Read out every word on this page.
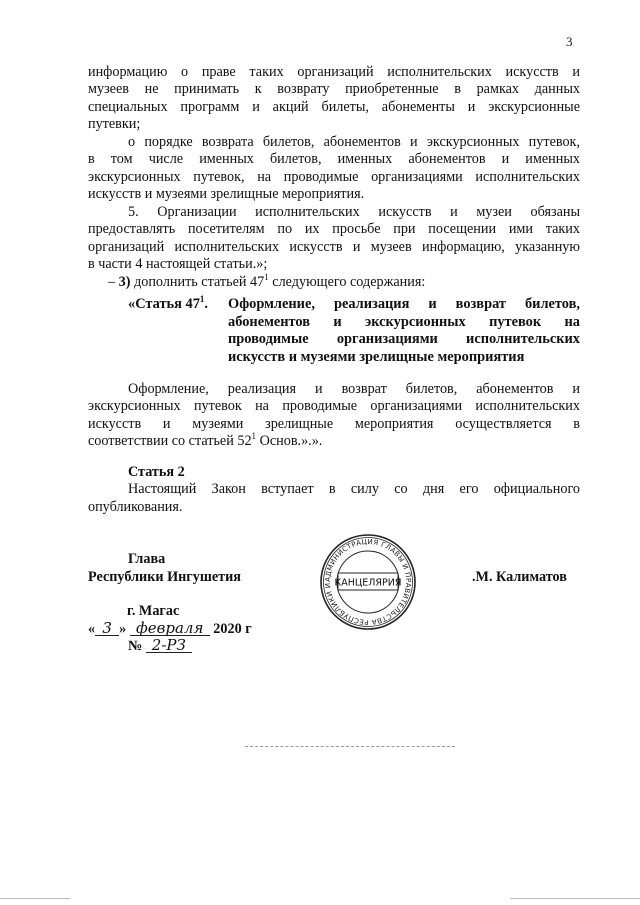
3
информацию о праве таких организаций исполнительских искусств и
музеев не принимать к возврату приобретенные в рамках данных
специальных программ и акций билеты, абонементы и экскурсионные
путевки;
о порядке возврата билетов, абонементов и экскурсионных путевок,
в том числе именных билетов, именных абонементов и именных
экскурсионных путевок, на проводимые организациями исполнительских
искусств и музеями зрелищные мероприятия.
5. Организации исполнительских искусств и музеи обязаны
предоставлять посетителям по их просьбе при посещении ими таких
организаций исполнительских искусств и музеев информацию, указанную
в части 4 настоящей статьи.»;
‒ 3) дополнить статьей $47^1$ следующего содержания:
«Статья $47^1$. Оформление, реализация и возврат билетов,
абонементов и экскурсионных путевок на
проводимые организациями исполнительских
искусств и музеями зрелищные мероприятия
Оформление, реализация и возврат билетов, абонементов и
экскурсионных путевок на проводимые организациями исполнительских
искусств и музеями зрелищные мероприятия осуществляется в
соответствии со статьей $52^1$ Основ.».».
Статья 2
Настоящий Закон вступает в силу со дня его официального
опубликования.
Глава
Республики Ингушетия	АДМИНИСТРАЦИЯ ГЛАВЫ И ПРАВИТЕЛЬСТВА РЕСПУБЛИКИ И КАНЦЕЛЯРИЯ	.М. Калиматов
г. Магас
« 3 » февраля 2020 г
№ 2-РЗ
